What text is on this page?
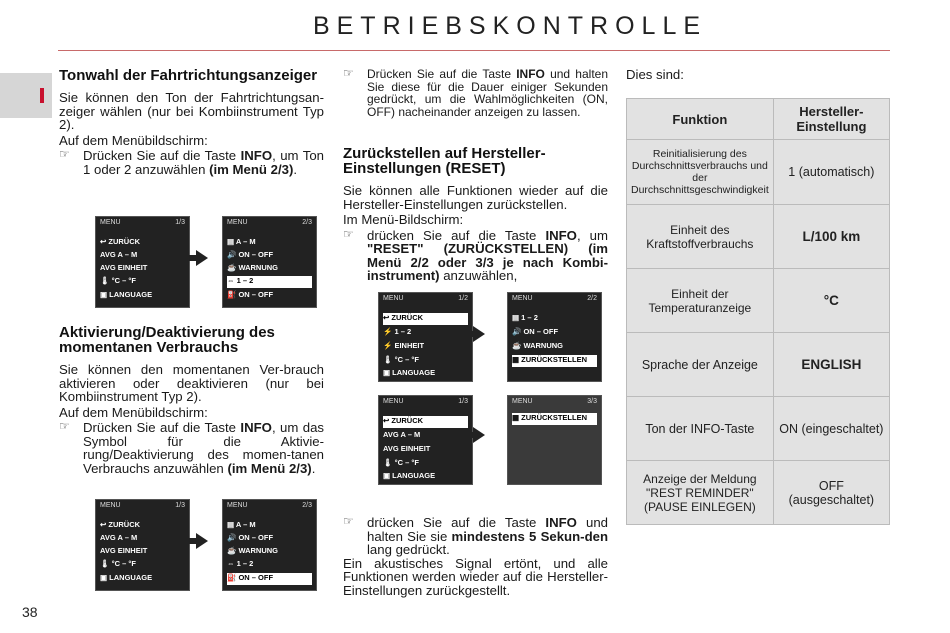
BETRIEBSKONTROLLE
38
Tonwahl der Fahrtrichtungsanzeiger

Sie können den Ton der Fahrtrichtungsan-zeiger wählen (nur bei Kombiinstrument Typ 2).

Auf dem Menübildschirm:

☞ Drücken Sie auf die Taste INFO, um Ton 1 oder 2 anzuwählen (im Menü 2/3).
Aktivierung/Deaktivierung des momentanen Verbrauchs

Sie können den momentanen Ver-brauch aktivieren oder deaktivieren (nur bei Kombiinstrument Typ 2).

Auf dem Menübildschirm:

☞ Drücken Sie auf die Taste INFO, um das Symbol für die Aktivie-rung/Deaktivierung des momen-tanen Verbrauchs anzuwählen (im Menü 2/3).
MENU	1/3
↩ ZURÜCK
AVG A – M
AVG EINHEIT
🌡 °C – °F
▣ LANGUAGE
MENU	2/3
▤ A – M
🔊 ON – OFF
☕ WARNUNG
⇔ 1 – 2
⛽ ON – OFF
MENU	1/3
↩ ZURÜCK
AVG A – M
AVG EINHEIT
🌡 °C – °F
▣ LANGUAGE
MENU	2/3
▤ A – M
🔊 ON – OFF
☕ WARNUNG
⇔ 1 – 2
⛽ ON – OFF
☞ Drücken Sie auf die Taste INFO und halten Sie diese für die Dauer einiger Sekunden gedrückt, um die Wahlmöglichkeiten (ON, OFF) nacheinander anzeigen zu lassen.
Zurückstellen auf Hersteller-Einstellungen (RESET)

Sie können alle Funktionen wieder auf die Hersteller-Einstellungen zurückstellen.

Im Menü-Bildschirm:

☞ drücken Sie auf die Taste INFO, um "RESET" (ZURÜCKSTELLEN) (im Menü 2/2 oder 3/3 je nach Kombi-instrument) anzuwählen,
☞ drücken Sie auf die Taste INFO und halten Sie sie mindestens 5 Sekun-den lang gedrückt.

Ein akustisches Signal ertönt, und alle Funktionen werden wieder auf die Hersteller-Einstellungen zurückgestellt.

MENU	1/2
↩ ZURÜCK
⚡ 1 – 2
⚡ EINHEIT
🌡 °C – °F
▣ LANGUAGE
MENU	2/2
▤ 1 – 2
🔊 ON – OFF
☕ WARNUNG
▦ ZURÜCKSTELLEN
MENU	1/3
↩ ZURÜCK
AVG A – M
AVG EINHEIT
🌡 °C – °F
▣ LANGUAGE
MENU	3/3
▦ ZURÜCKSTELLEN

Dies sind:

Funktion	Hersteller-Einstellung
Reinitialisierung des Durchschnittsverbrauchs und der Durchschnittsgeschwindigkeit	1 (automatisch)
Einheit des Kraftstoffverbrauchs	L/100 km
Einheit der Temperaturanzeige	°C
Sprache der Anzeige	ENGLISH
Ton der INFO-Taste	ON (eingeschaltet)
Anzeige der Meldung "REST REMINDER" (PAUSE EINLEGEN)	OFF (ausgeschaltet)
